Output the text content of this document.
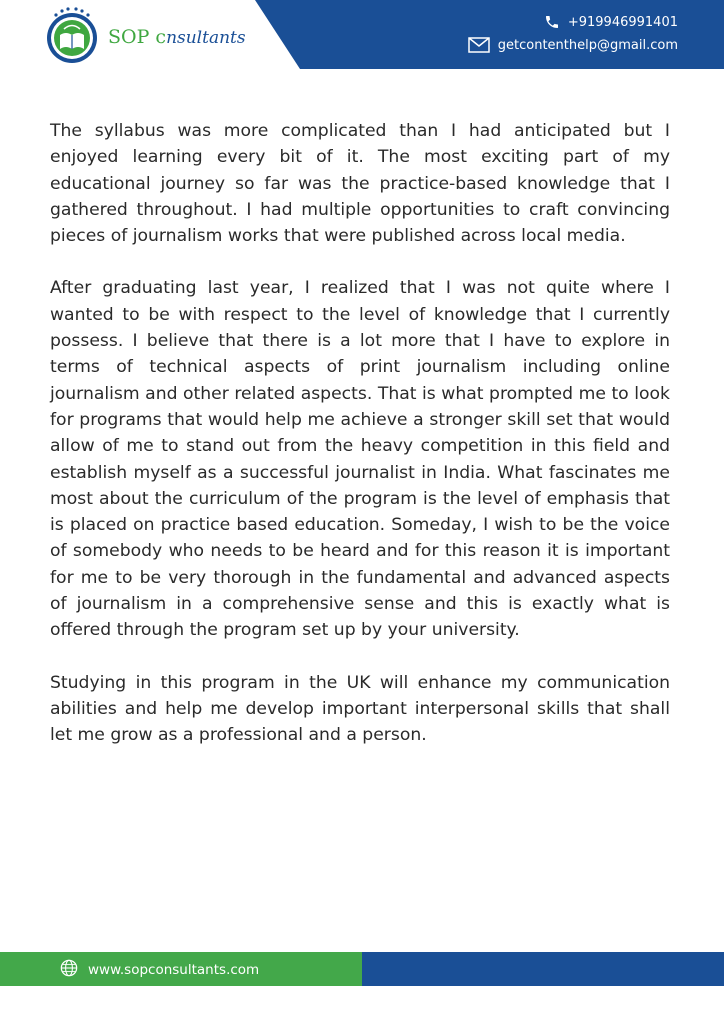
SOP cnsultants
+919946991401
getcontenthelp@gmail.com

The syllabus was more complicated than I had anticipated but I enjoyed learning every bit of it. The most exciting part of my educational journey so far was the practice-based knowledge that I gathered throughout. I had multiple opportunities to craft convincing pieces of journalism works that were published across local media.

After graduating last year, I realized that I was not quite where I wanted to be with respect to the level of knowledge that I currently possess. I believe that there is a lot more that I have to explore in terms of technical aspects of print journalism including online journalism and other related aspects. That is what prompted me to look for programs that would help me achieve a stronger skill set that would allow of me to stand out from the heavy competition in this field and establish myself as a successful journalist in India. What fascinates me most about the curriculum of the program is the level of emphasis that is placed on practice based education. Someday, I wish to be the voice of somebody who needs to be heard and for this reason it is important for me to be very thorough in the fundamental and advanced aspects of journalism in a comprehensive sense and this is exactly what is offered through the program set up by your university.

Studying in this program in the UK will enhance my communication abilities and help me develop important interpersonal skills that shall let me grow as a professional and a person.

www.sopconsultants.com
